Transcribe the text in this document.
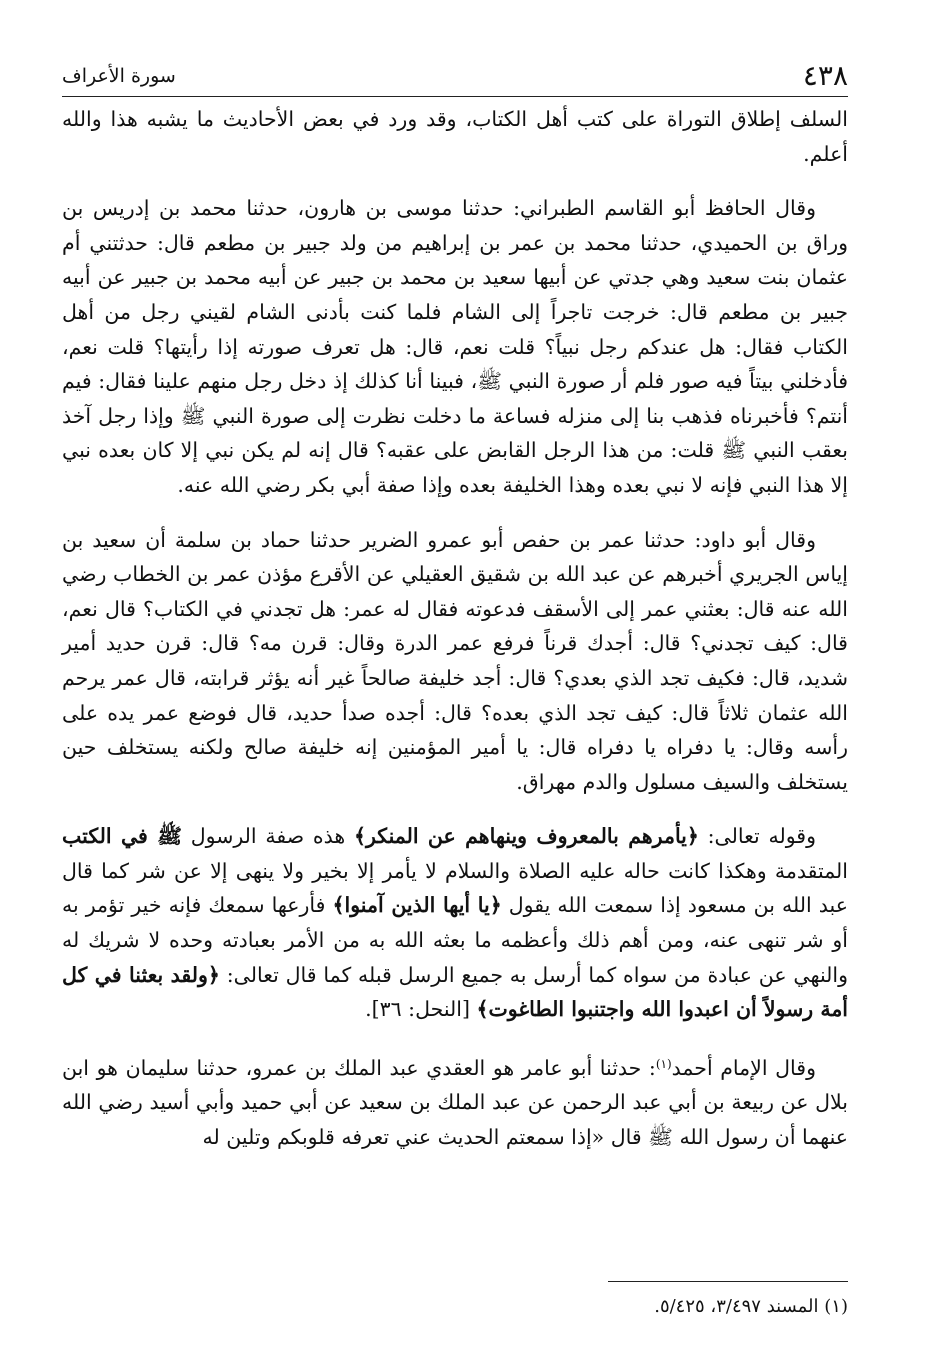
٤٣٨
سورة الأعراف

السلف إطلاق التوراة على كتب أهل الكتاب، وقد ورد في بعض الأحاديث ما يشبه هذا والله أعلم.

وقال الحافظ أبو القاسم الطبراني: حدثنا موسى بن هارون، حدثنا محمد بن إدريس بن وراق بن الحميدي، حدثنا محمد بن عمر بن إبراهيم من ولد جبير بن مطعم قال: حدثتني أم عثمان بنت سعيد وهي جدتي عن أبيها سعيد بن محمد بن جبير عن أبيه محمد بن جبير عن أبيه جبير بن مطعم قال: خرجت تاجراً إلى الشام فلما كنت بأدنى الشام لقيني رجل من أهل الكتاب فقال: هل عندكم رجل نبياً؟ قلت نعم، قال: هل تعرف صورته إذا رأيتها؟ قلت نعم، فأدخلني بيتاً فيه صور فلم أر صورة النبي ﷺ، فبينا أنا كذلك إذ دخل رجل منهم علينا فقال: فيم أنتم؟ فأخبرناه فذهب بنا إلى منزله فساعة ما دخلت نظرت إلى صورة النبي ﷺ وإذا رجل آخذ بعقب النبي ﷺ قلت: من هذا الرجل القابض على عقبه؟ قال إنه لم يكن نبي إلا كان بعده نبي إلا هذا النبي فإنه لا نبي بعده وهذا الخليفة بعده وإذا صفة أبي بكر رضي الله عنه.

وقال أبو داود: حدثنا عمر بن حفص أبو عمرو الضرير حدثنا حماد بن سلمة أن سعيد بن إياس الجريري أخبرهم عن عبد الله بن شقيق العقيلي عن الأقرع مؤذن عمر بن الخطاب رضي الله عنه قال: بعثني عمر إلى الأسقف فدعوته فقال له عمر: هل تجدني في الكتاب؟ قال نعم، قال: كيف تجدني؟ قال: أجدك قرناً فرفع عمر الدرة وقال: قرن مه؟ قال: قرن حديد أمير شديد، قال: فكيف تجد الذي بعدي؟ قال: أجد خليفة صالحاً غير أنه يؤثر قرابته، قال عمر يرحم الله عثمان ثلاثاً قال: كيف تجد الذي بعده؟ قال: أجده صدأ حديد، قال فوضع عمر يده على رأسه وقال: يا دفراه يا دفراه قال: يا أمير المؤمنين إنه خليفة صالح ولكنه يستخلف حين يستخلف والسيف مسلول والدم مهراق.

وقوله تعالى: ﴿يأمرهم بالمعروف وينهاهم عن المنكر﴾ هذه صفة الرسول ﷺ في الكتب المتقدمة وهكذا كانت حاله عليه الصلاة والسلام لا يأمر إلا بخير ولا ينهى إلا عن شر كما قال عبد الله بن مسعود إذا سمعت الله يقول ﴿يا أيها الذين آمنوا﴾ فأرعها سمعك فإنه خير تؤمر به أو شر تنهى عنه، ومن أهم ذلك وأعظمه ما بعثه الله به من الأمر بعبادته وحده لا شريك له والنهي عن عبادة من سواه كما أرسل به جميع الرسل قبله كما قال تعالى: ﴿ولقد بعثنا في كل أمة رسولاً أن اعبدوا الله واجتنبوا الطاغوت﴾ [النحل: ٣٦].

وقال الإمام أحمد$^{(١)}$: حدثنا أبو عامر هو العقدي عبد الملك بن عمرو، حدثنا سليمان هو ابن بلال عن ربيعة بن أبي عبد الرحمن عن عبد الملك بن سعيد عن أبي حميد وأبي أسيد رضي الله عنهما أن رسول الله ﷺ قال «إذا سمعتم الحديث عني تعرفه قلوبكم وتلين له

(١) المسند ٣/٤٩٧، ٥/٤٢٥.
